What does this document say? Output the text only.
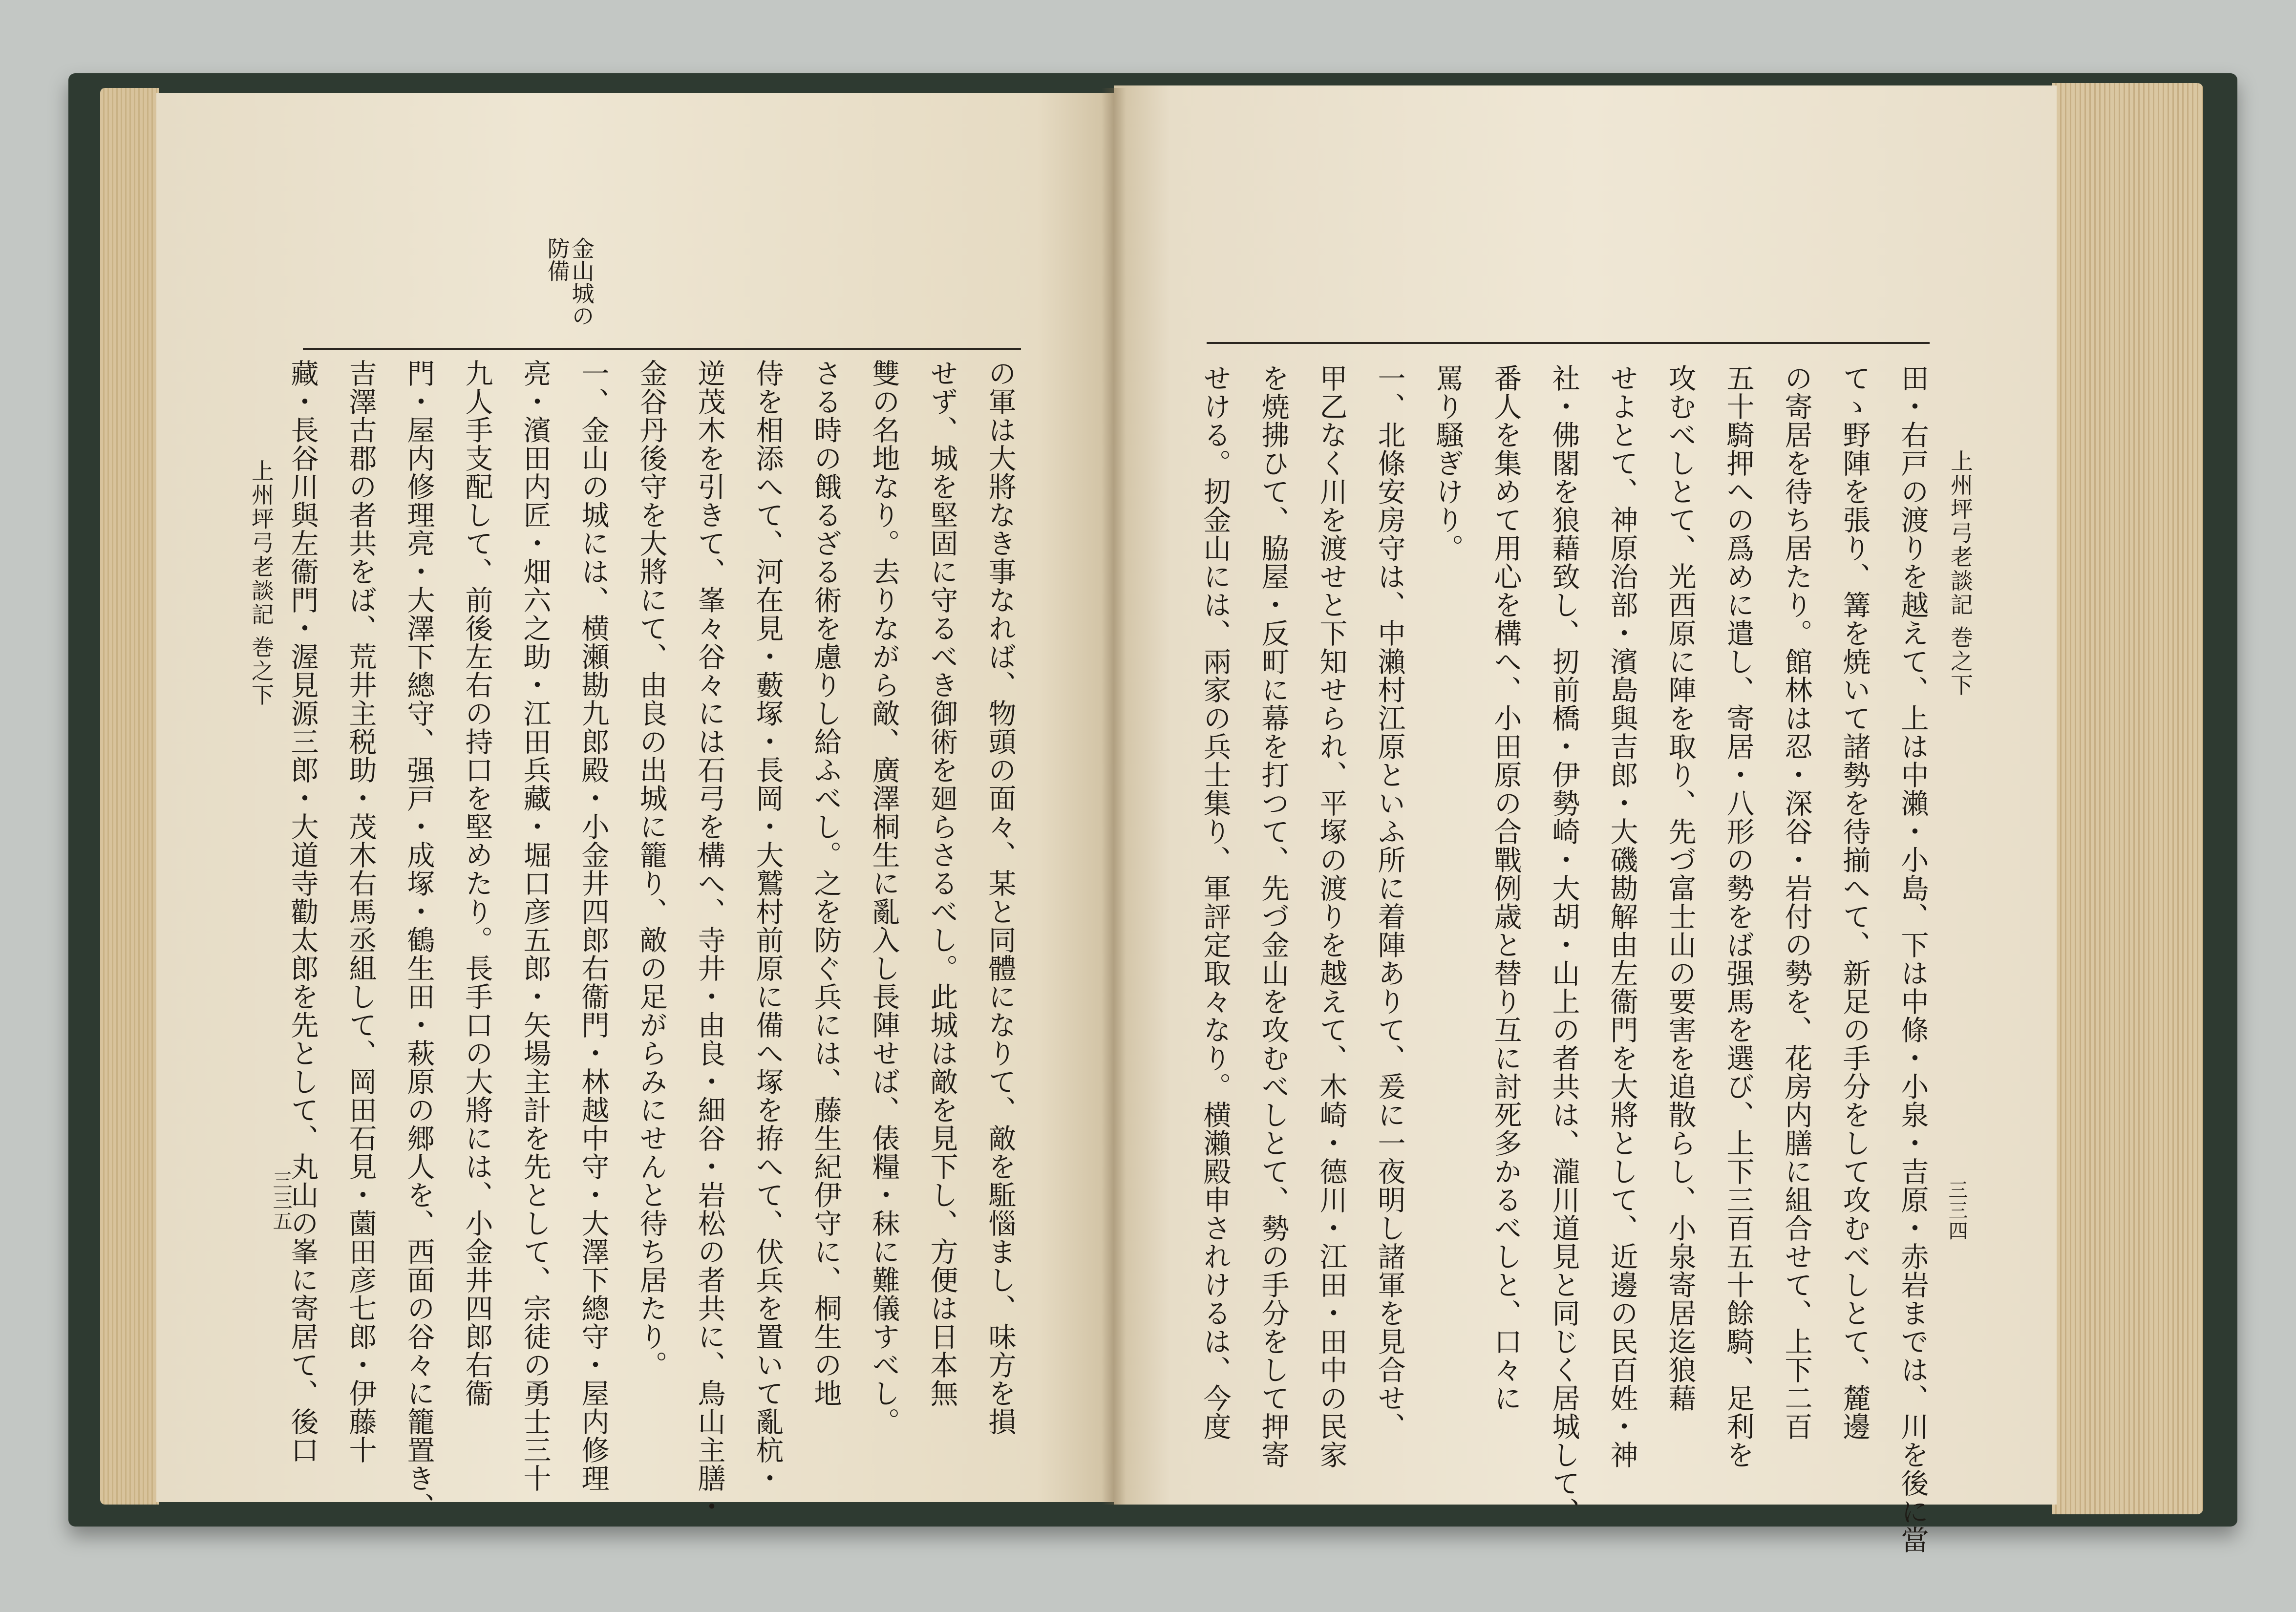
金山城の
防備
の軍は大將なき事なれば、物頭の面々、某と同體になりて、敵を駈惱まし、味方を損
せず、城を堅固に守るべき御術を廻らさるべし。此城は敵を見下し、方便は日本無
雙の名地なり。去りながら敵、廣澤桐生に亂入し長陣せば、俵糧・秣に難儀すべし。
さる時の餓るざる術を慮りし給ふべし。之を防ぐ兵には、藤生紀伊守に、桐生の地
侍を相添へて、河在見・藪塚・長岡・大鷲村前原に備へ塚を拵へて、伏兵を置いて亂杭・
逆茂木を引きて、峯々谷々には石弓を構へ、寺井・由良・細谷・岩松の者共に、鳥山主膳・
金谷丹後守を大將にて、由良の出城に籠り、敵の足がらみにせんと待ち居たり。
一、金山の城には、横瀬勘九郎殿・小金井四郎右衞門・林越中守・大澤下總守・屋内修理
亮・濱田内匠・畑六之助・江田兵藏・堀口彦五郎・矢場主計を先として、宗徒の勇士三十
九人手支配して、前後左右の持口を堅めたり。長手口の大將には、小金井四郎右衞
門・屋内修理亮・大澤下總守、强戸・成塚・鶴生田・萩原の郷人を、西面の谷々に籠置き、
吉澤古郡の者共をば、荒井主税助・茂木右馬丞組して、岡田石見・薗田彦七郎・伊藤十
藏・長谷川與左衞門・渥見源三郎・大道寺勸太郎を先として、丸山の峯に寄居て、後口
上州坪弓老談記 巻之下
三三五
上州坪弓老談記 巻之下
三三四
田・右戸の渡りを越えて、上は中瀨・小島、下は中條・小泉・吉原・赤岩までは、川を後に當
てゝ野陣を張り、篝を焼いて諸勢を待揃へて、新足の手分をして攻むべしとて、麓邊
の寄居を待ち居たり。館林は忍・深谷・岩付の勢を、花房内膳に組合せて、上下二百
五十騎押への爲めに遣し、寄居・八形の勢をば强馬を選び、上下三百五十餘騎、足利を
攻むべしとて、光西原に陣を取り、先づ富士山の要害を追散らし、小泉寄居迄狼藉
せよとて、神原治部・濱島與吉郎・大磯勘解由左衞門を大將として、近邊の民百姓・神
社・佛閣を狼藉致し、扨前橋・伊勢崎・大胡・山上の者共は、瀧川道見と同じく居城して、
番人を集めて用心を構へ、小田原の合戰例歳と替り互に討死多かるべしと、口々に
罵り騒ぎけり。
一、北條安房守は、中瀨村江原といふ所に着陣ありて、爰に一夜明し諸軍を見合せ、
甲乙なく川を渡せと下知せられ、平塚の渡りを越えて、木崎・德川・江田・田中の民家
を焼拂ひて、脇屋・反町に幕を打つて、先づ金山を攻むべしとて、勢の手分をして押寄
せける。扨金山には、兩家の兵士集り、軍評定取々なり。横瀨殿申されけるは、今度
